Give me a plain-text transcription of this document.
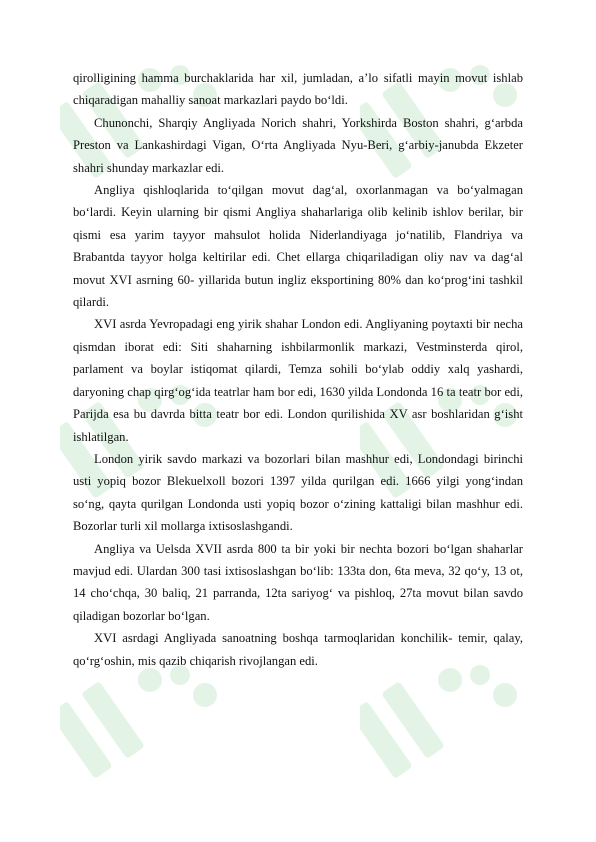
qirolligining hamma burchaklarida har xil, jumladan, a’lo sifatli mayin movut ishlab chiqaradigan mahalliy sanoat markazlari paydo bo‘ldi.

Chunonchi, Sharqiy Angliyada Norich shahri, Yorkshirda Boston shahri, g‘arbda Preston va Lankashirdagi Vigan, O‘rta Angliyada Nyu-Beri, g‘arbiy-janubda Ekzeter shahri shunday markazlar edi.

Angliya qishloqlarida to‘qilgan movut dag‘al, oxorlanmagan va bo‘yalmagan bo‘lardi. Keyin ularning bir qismi Angliya shaharlariga olib kelinib ishlov berilar, bir qismi esa yarim tayyor mahsulot holida Niderlandiyaga jo‘natilib, Flandriya va Brabantda tayyor holga keltirilar edi. Chet ellarga chiqariladigan oliy nav va dag‘al movut XVI asrning 60- yillarida butun ingliz eksportining 80% dan ko‘prog‘ini tashkil qilardi.

XVI asrda Yevropadagi eng yirik shahar London edi. Angliyaning poytaxti bir necha qismdan iborat edi: Siti shaharning ishbilarmonlik markazi, Vestminsterda qirol, parlament va boylar istiqomat qilardi, Temza sohili bo‘ylab oddiy xalq yashardi, daryoning chap qirg‘og‘ida teatrlar ham bor edi, 1630 yilda Londonda 16 ta teatr bor edi, Parijda esa bu davrda bitta teatr bor edi. London qurilishida XV asr boshlaridan g‘isht ishlatilgan.

London yirik savdo markazi va bozorlari bilan mashhur edi, Londondagi birinchi usti yopiq bozor Blekuelxoll bozori 1397 yilda qurilgan edi. 1666 yilgi yong‘indan so‘ng, qayta qurilgan Londonda usti yopiq bozor o‘zining kattaligi bilan mashhur edi. Bozorlar turli xil mollarga ixtisoslashgandi.

Angliya va Uelsda XVII asrda 800 ta bir yoki bir nechta bozori bo‘lgan shaharlar mavjud edi. Ulardan 300 tasi ixtisoslashgan bo‘lib: 133ta don, 6ta meva, 32 qo‘y, 13 ot, 14 cho‘chqa, 30 baliq, 21 parranda, 12ta sariyog‘ va pishloq, 27ta movut bilan savdo qiladigan bozorlar bo‘lgan.

XVI asrdagi Angliyada sanoatning boshqa tarmoqlaridan konchilik- temir, qalay, qo‘rg‘oshin, mis qazib chiqarish rivojlangan edi.
